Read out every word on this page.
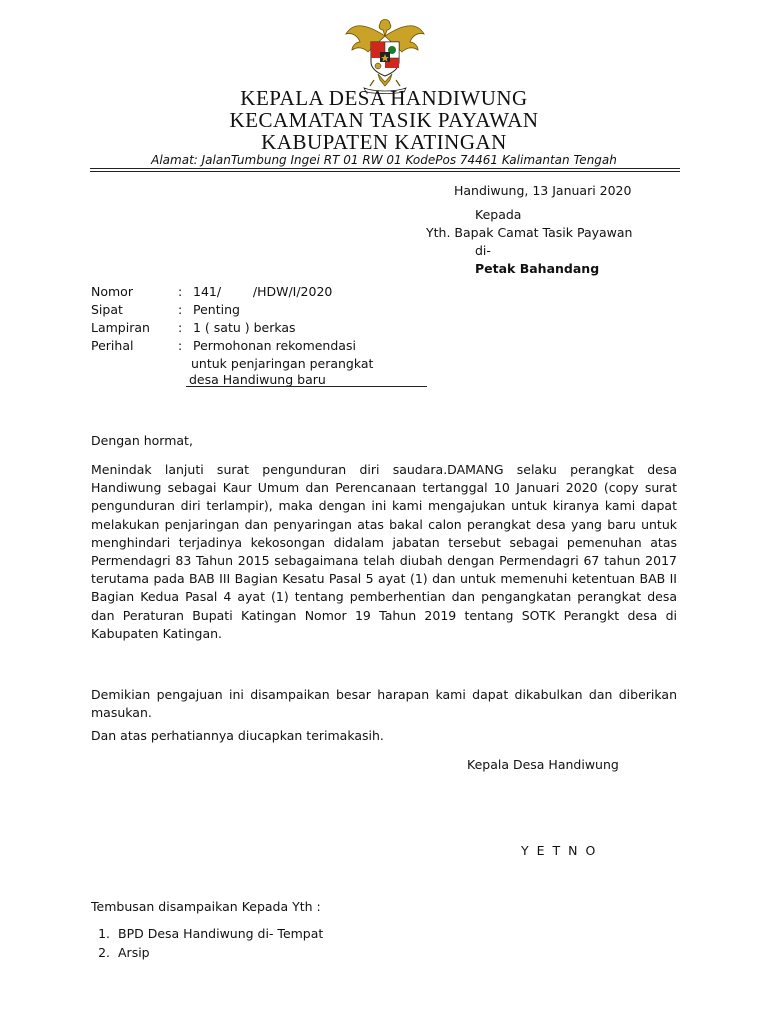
KEPALA DESA HANDIWUNG
KECAMATAN TASIK PAYAWAN
KABUPATEN KATINGAN
Alamat: JalanTumbung Ingei RT 01 RW 01 KodePos 74461 Kalimantan Tengah
Handiwung, 13 Januari 2020
Kepada
Yth. Bapak Camat Tasik Payawan
di-
Petak Bahandang
Nomor	: 141/        /HDW/I/2020
Sipat	: Penting
Lampiran : 1 ( satu ) berkas
Perihal	: Permohonan rekomendasi
untuk penjaringan perangkat
desa Handiwung baru
Dengan hormat,
Menindak lanjuti surat pengunduran diri saudara.DAMANG selaku perangkat desa Handiwung sebagai Kaur Umum dan Perencanaan tertanggal 10 Januari 2020 (copy surat pengunduran diri terlampir), maka dengan ini kami mengajukan untuk kiranya kami dapat melakukan penjaringan dan penyaringan atas bakal calon perangkat desa yang baru untuk menghindari terjadinya kekosongan didalam jabatan tersebut sebagai pemenuhan atas Permendagri 83 Tahun 2015 sebagaimana telah diubah dengan Permendagri 67 tahun 2017 terutama pada BAB III Bagian Kesatu Pasal 5 ayat (1) dan untuk memenuhi ketentuan BAB II Bagian Kedua Pasal 4 ayat (1) tentang pemberhentian dan pengangkatan perangkat desa dan Peraturan Bupati Katingan Nomor 19 Tahun 2019 tentang SOTK Perangkt desa di Kabupaten Katingan.
Demikian pengajuan ini disampaikan besar harapan kami dapat dikabulkan dan diberikan masukan.
Dan atas perhatiannya diucapkan terimakasih.
Kepala Desa Handiwung
YETNO
Tembusan disampaikan Kepada Yth :
1. BPD Desa Handiwung di- Tempat
2. Arsip
